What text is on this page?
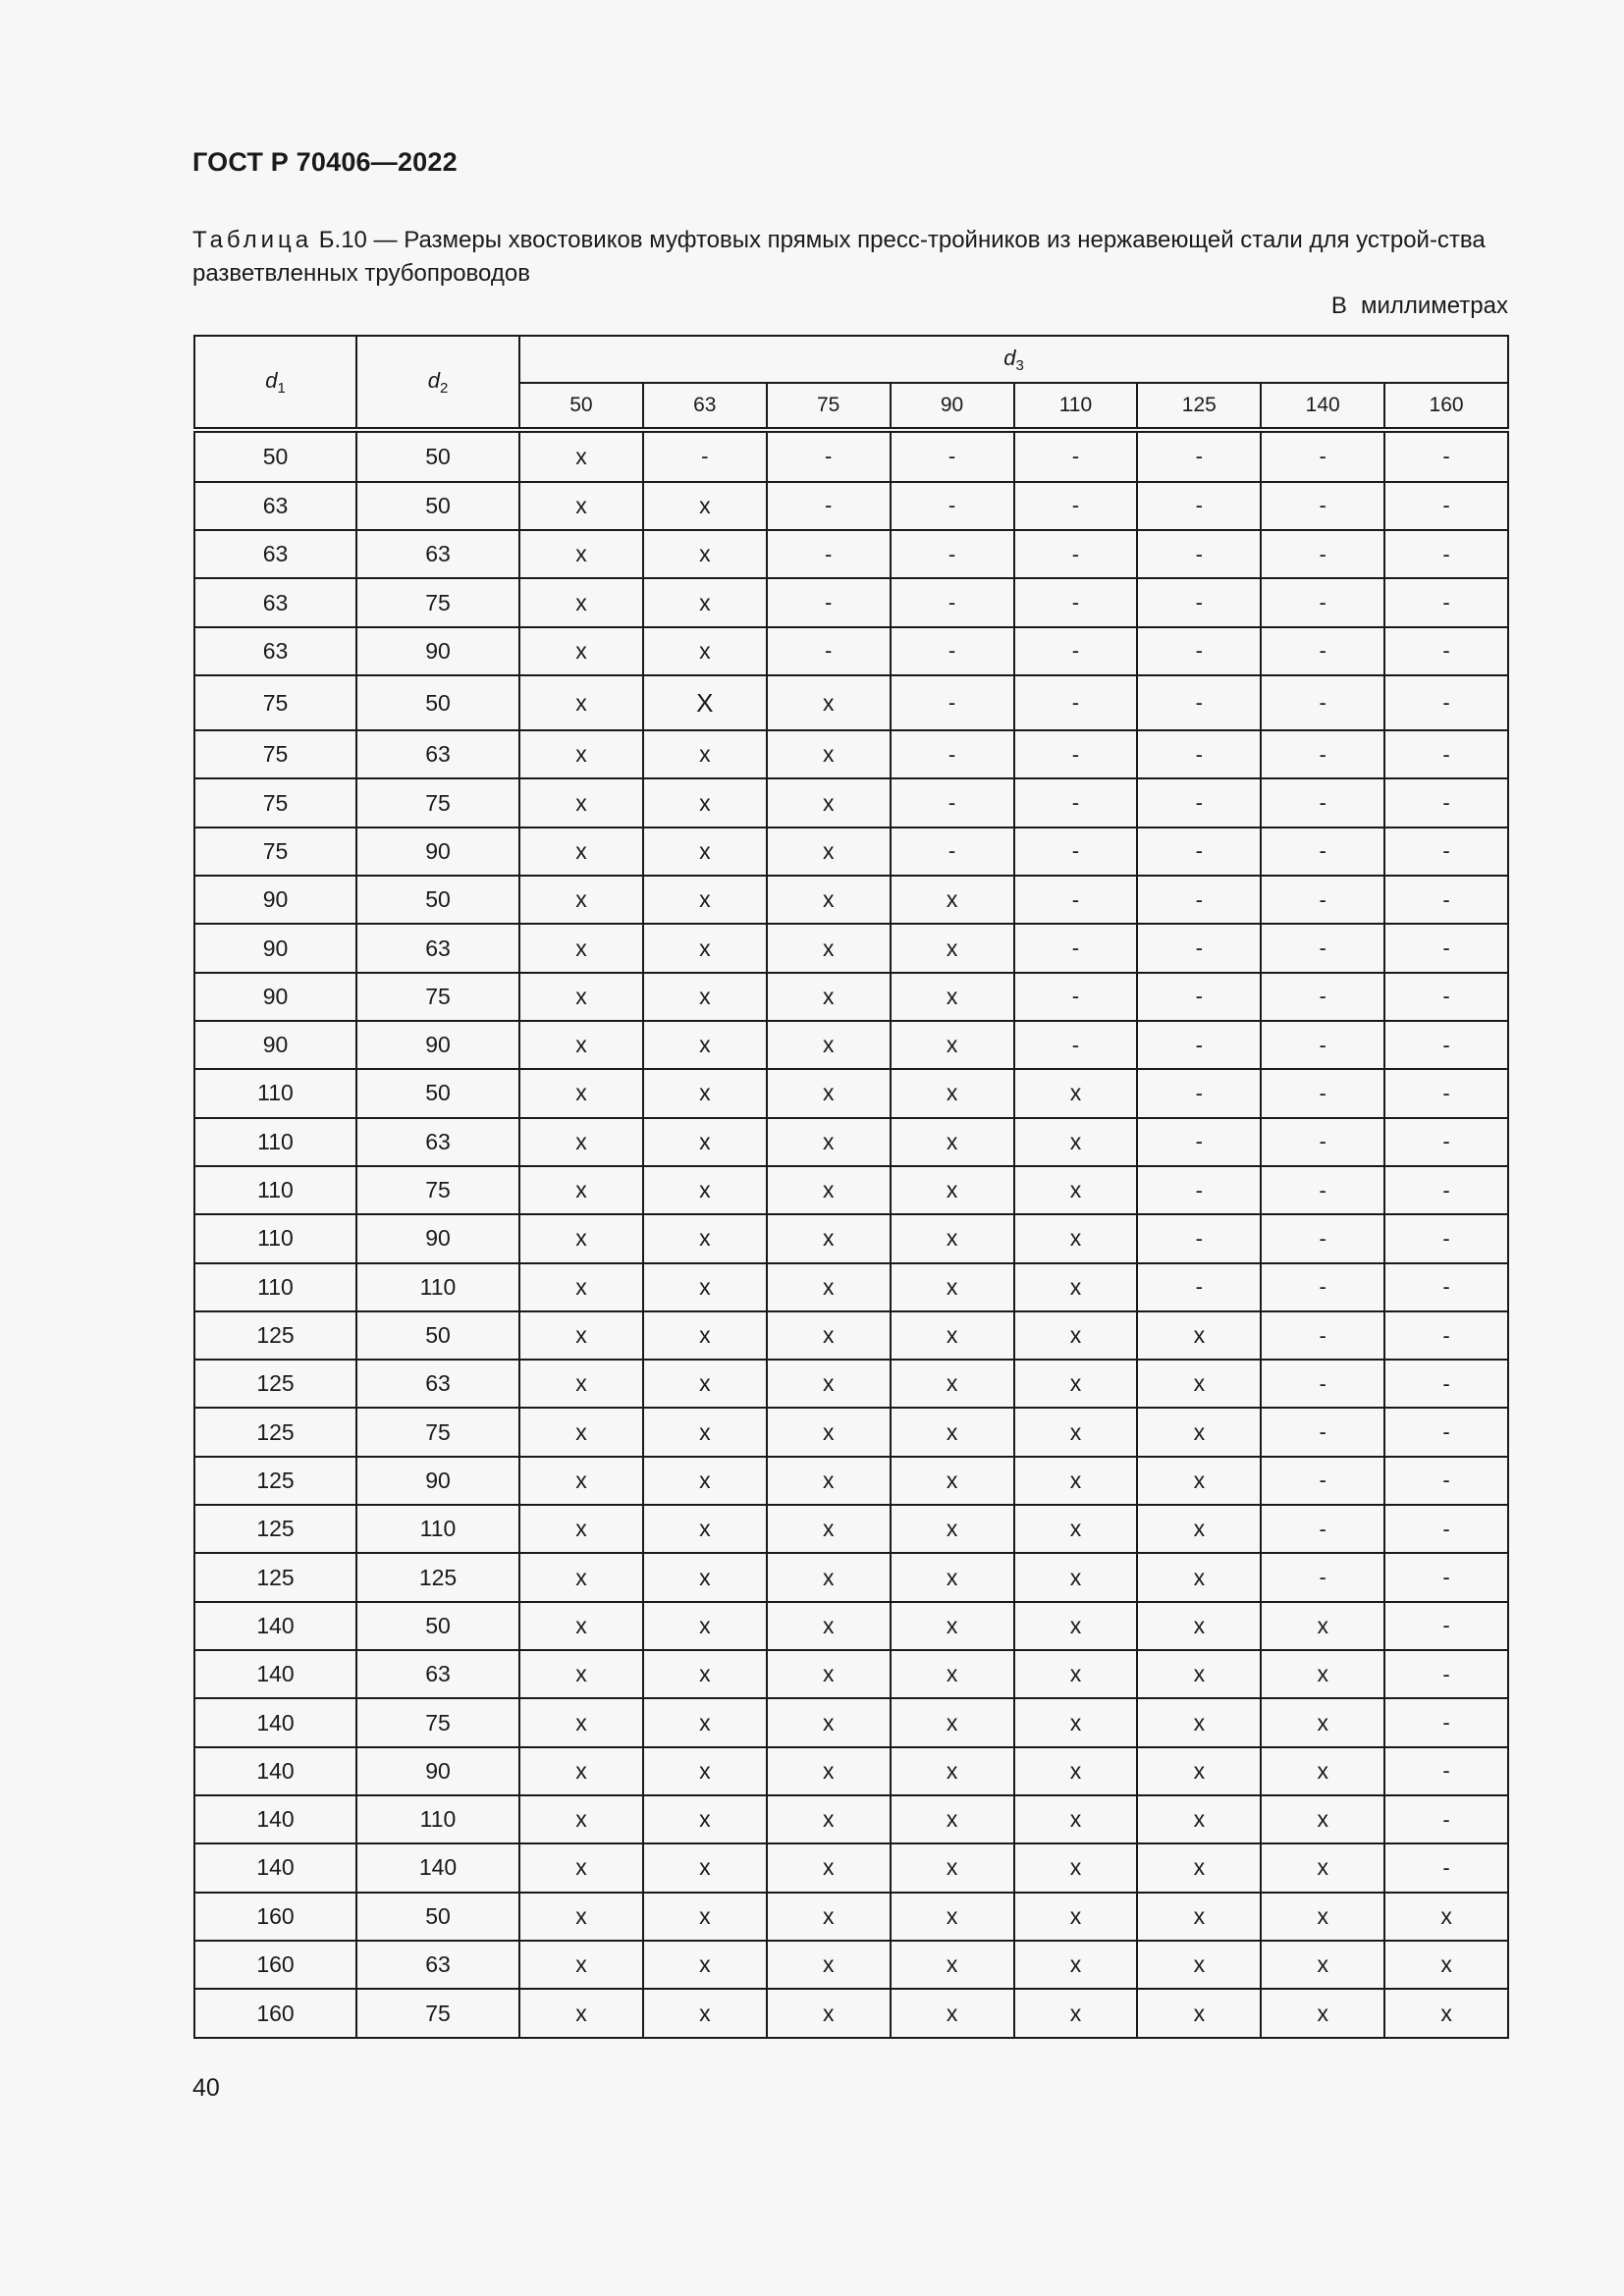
ГОСТ Р 70406—2022
Таблица Б.10 — Размеры хвостовиков муфтовых прямых пресс-тройников из нержавеющей стали для устрой-ства разветвленных трубопроводов
В миллиметрах
$d_1$	$d_2$	$d_3$
		50	63	75	90	110	125	140	160
50	50	x	-	-	-	-	-	-	-
63	50	x	x	-	-	-	-	-	-
63	63	x	x	-	-	-	-	-	-
63	75	x	x	-	-	-	-	-	-
63	90	x	x	-	-	-	-	-	-
75	50	x	X	x	-	-	-	-	-
75	63	x	x	x	-	-	-	-	-
75	75	x	x	x	-	-	-	-	-
75	90	x	x	x	-	-	-	-	-
90	50	x	x	x	x	-	-	-	-
90	63	x	x	x	x	-	-	-	-
90	75	x	x	x	x	-	-	-	-
90	90	x	x	x	x	-	-	-	-
110	50	x	x	x	x	x	-	-	-
110	63	x	x	x	x	x	-	-	-
110	75	x	x	x	x	x	-	-	-
110	90	x	x	x	x	x	-	-	-
110	110	x	x	x	x	x	-	-	-
125	50	x	x	x	x	x	x	-	-
125	63	x	x	x	x	x	x	-	-
125	75	x	x	x	x	x	x	-	-
125	90	x	x	x	x	x	x	-	-
125	110	x	x	x	x	x	x	-	-
125	125	x	x	x	x	x	x	-	-
140	50	x	x	x	x	x	x	x	-
140	63	x	x	x	x	x	x	x	-
140	75	x	x	x	x	x	x	x	-
140	90	x	x	x	x	x	x	x	-
140	110	x	x	x	x	x	x	x	-
140	140	x	x	x	x	x	x	x	-
160	50	x	x	x	x	x	x	x	x
160	63	x	x	x	x	x	x	x	x
160	75	x	x	x	x	x	x	x	x
40
